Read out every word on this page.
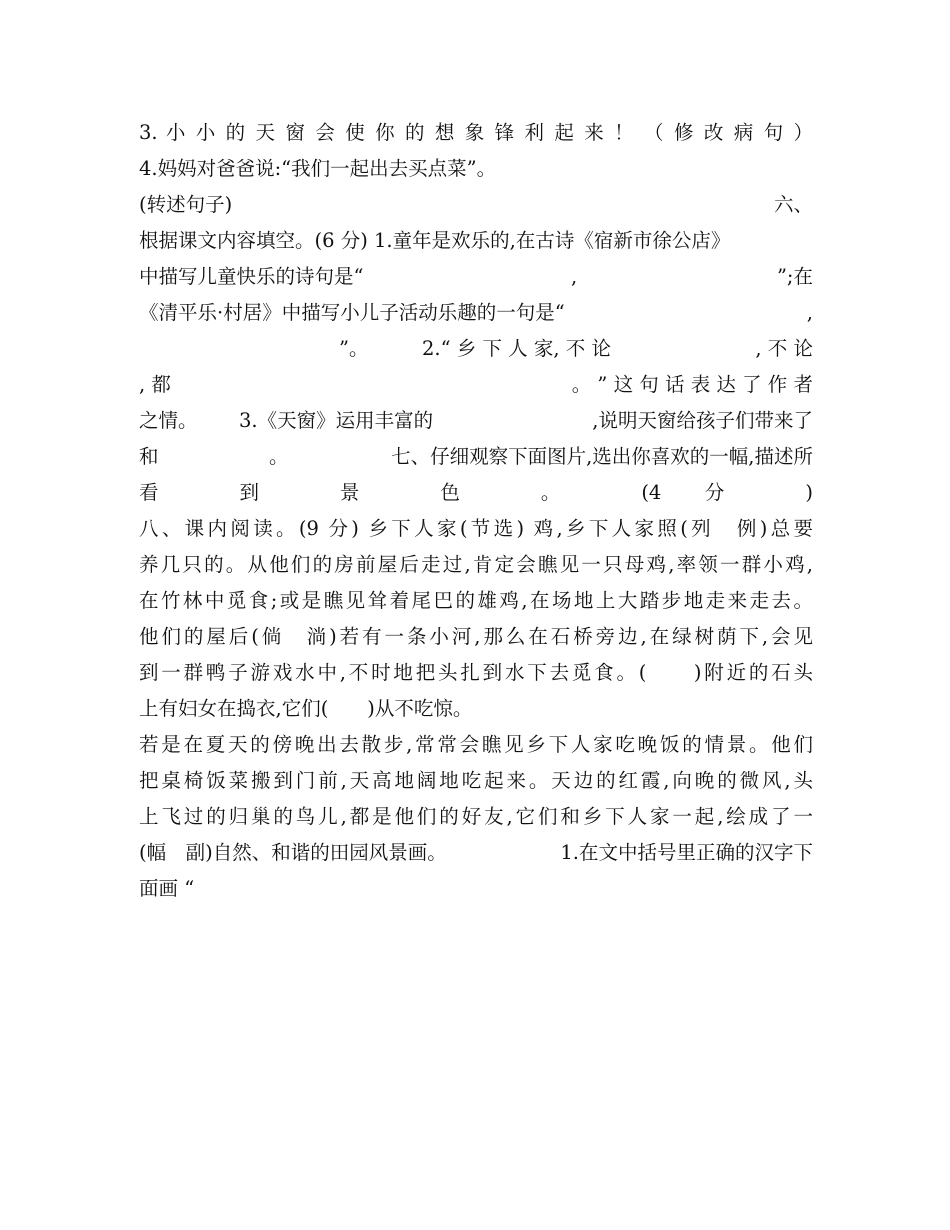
3. 小 小 的 天 窗 会 使 你 的 想 象 锋 利 起 来 ！ （ 修 改 病 句 ）
4.妈妈对爸爸说:“我们一起出去买点菜”。
(转述句子)	六、
根据课文内容填空。(6 分) 1.童年是欢乐的,在古诗《宿新市徐公店》
中描写儿童快乐的诗句是“	,	”;在
《清平乐·村居》中描写小儿子活动乐趣的一句是“	,
”。	2.“ 乡 下 人 家, 不 论	, 不 论
, 都	。 ” 这 句 话 表 达 了 作 者
之情。 3.《天窗》运用丰富的	,说明天窗给孩子们带来了
和	。	七、仔细观察下面图片,选出你喜欢的一幅,描述所
看 到 景 色 。 (4 分 )
八、课内阅读。(9 分) 乡下人家(节选) 鸡,乡下人家照(列　例)总要
养几只的。从他们的房前屋后走过,肯定会瞧见一只母鸡,率领一群小鸡,
在竹林中觅食;或是瞧见耸着尾巴的雄鸡,在场地上大踏步地走来走去。
他们的屋后(倘　淌)若有一条小河,那么在石桥旁边,在绿树荫下,会见
到一群鸭子游戏水中,不时地把头扎到水下去觅食。(　　)附近的石头
上有妇女在捣衣,它们(　　)从不吃惊。
若是在夏天的傍晚出去散步,常常会瞧见乡下人家吃晚饭的情景。他们
把桌椅饭菜搬到门前,天高地阔地吃起来。天边的红霞,向晚的微风,头
上飞过的归巢的鸟儿,都是他们的好友,它们和乡下人家一起,绘成了一
(幅　副)自然、和谐的田园风景画。	1.在文中括号里正确的汉字下
面画 “
